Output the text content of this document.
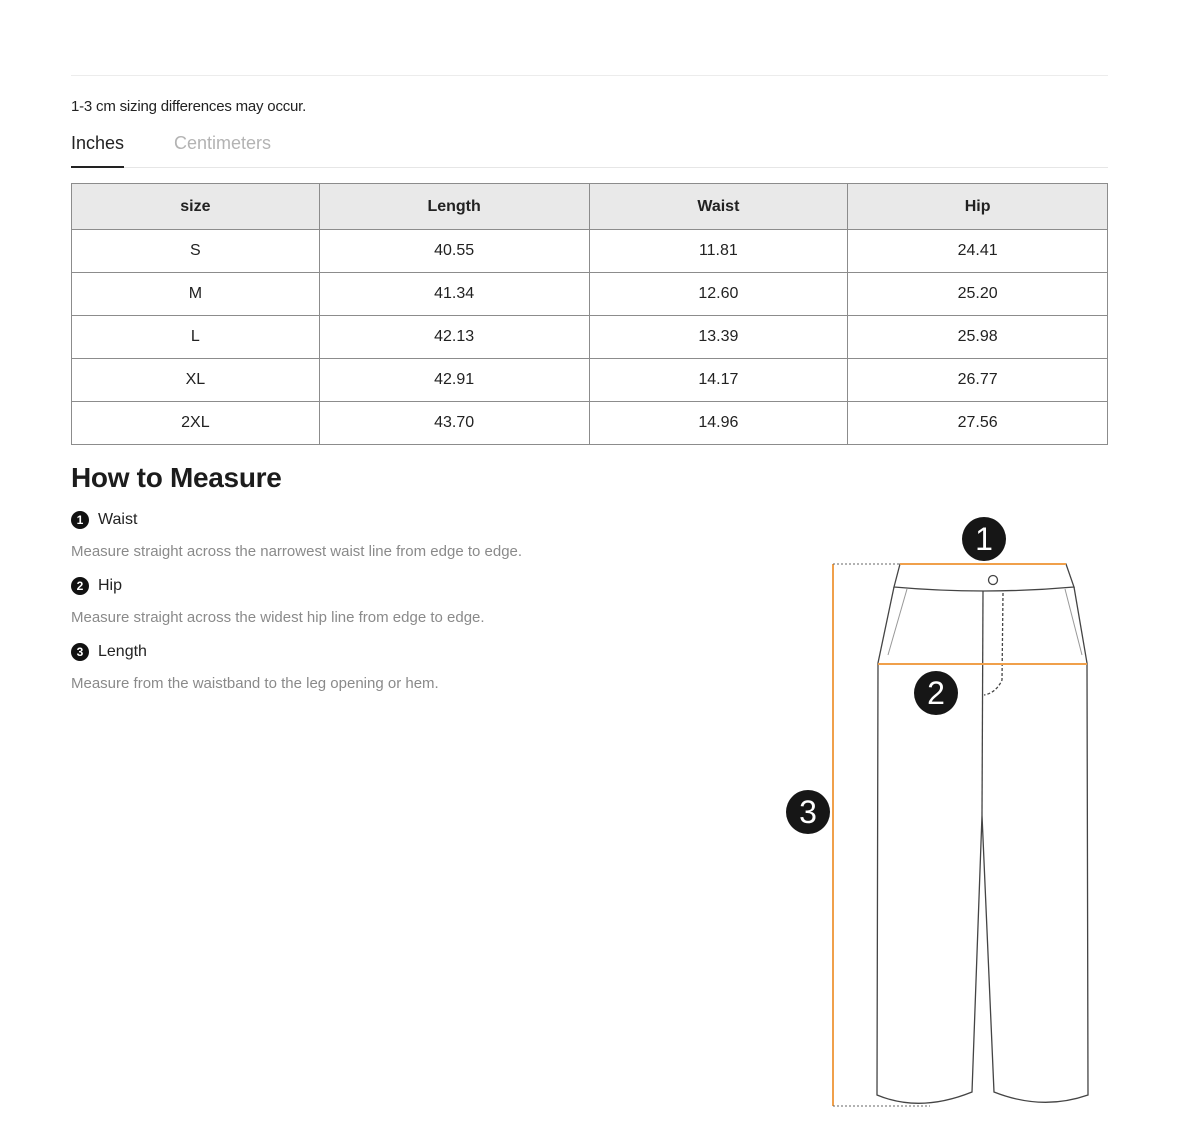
1-3 cm sizing differences may occur.
Inches	Centimeters
size	Length	Waist	Hip
S	40.55	11.81	24.41
M	41.34	12.60	25.20
L	42.13	13.39	25.98
XL	42.91	14.17	26.77
2XL	43.70	14.96	27.56
How to Measure
1 Waist
Measure straight across the narrowest waist line from edge to edge.
2 Hip
Measure straight across the widest hip line from edge to edge.
3 Length
Measure from the waistband to the leg opening or hem.
1
2
3
